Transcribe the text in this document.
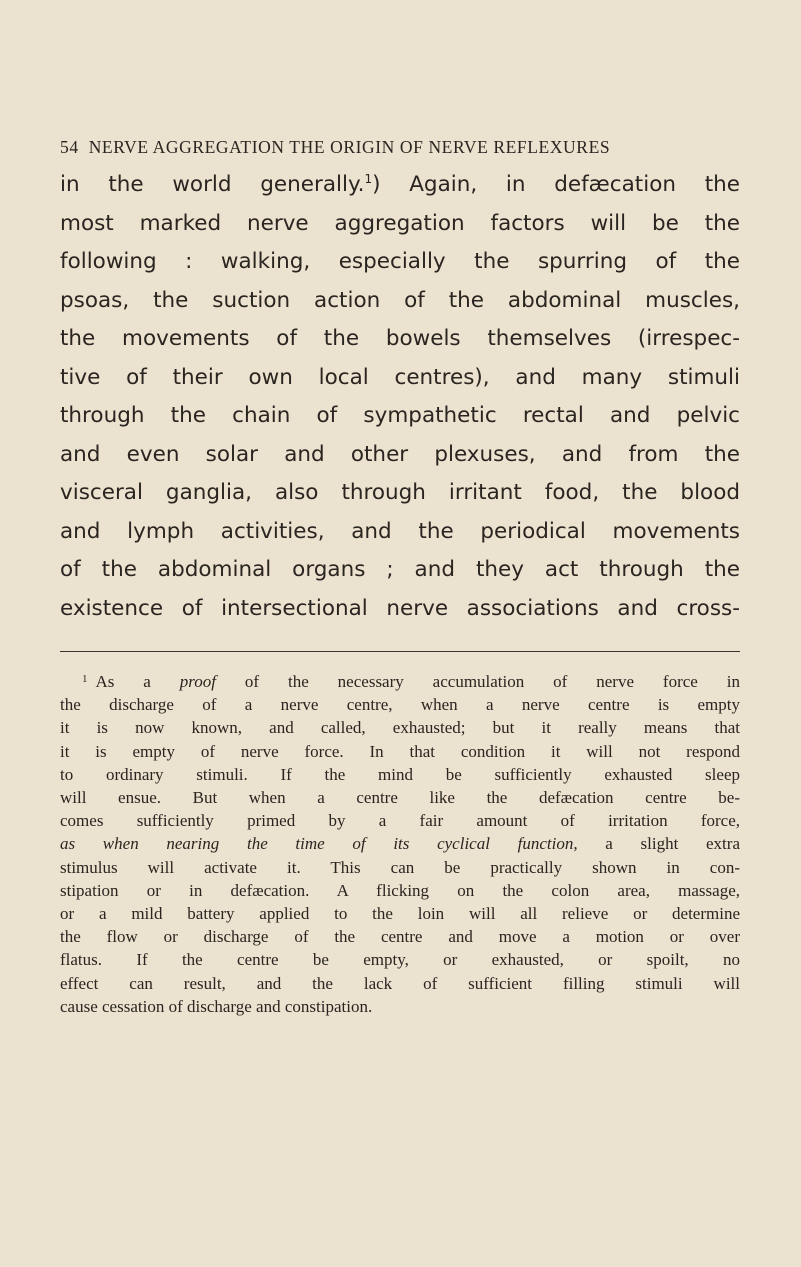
54 NERVE AGGREGATION THE ORIGIN OF NERVE REFLEXURES
in the world generally.$^1$) Again, in defæcation the
most marked nerve aggregation factors will be the
following : walking, especially the spurring of the
psoas, the suction action of the abdominal muscles,
the movements of the bowels themselves (irrespec-
tive of their own local centres), and many stimuli
through the chain of sympathetic rectal and pelvic
and even solar and other plexuses, and from the
visceral ganglia, also through irritant food, the blood
and lymph activities, and the periodical movements
of the abdominal organs ; and they act through the
existence of intersectional nerve associations and cross-
$^1$ As a proof of the necessary accumulation of nerve force in
the discharge of a nerve centre, when a nerve centre is empty
it is now known, and called, exhausted; but it really means that
it is empty of nerve force. In that condition it will not respond
to ordinary stimuli. If the mind be sufficiently exhausted sleep
will ensue. But when a centre like the defæcation centre be-
comes sufficiently primed by a fair amount of irritation force,
as when nearing the time of its cyclical function, a slight extra
stimulus will activate it. This can be practically shown in con-
stipation or in defæcation. A flicking on the colon area, massage,
or a mild battery applied to the loin will all relieve or determine
the flow or discharge of the centre and move a motion or over
flatus. If the centre be empty, or exhausted, or spoilt, no
effect can result, and the lack of sufficient filling stimuli will
cause cessation of discharge and constipation.
